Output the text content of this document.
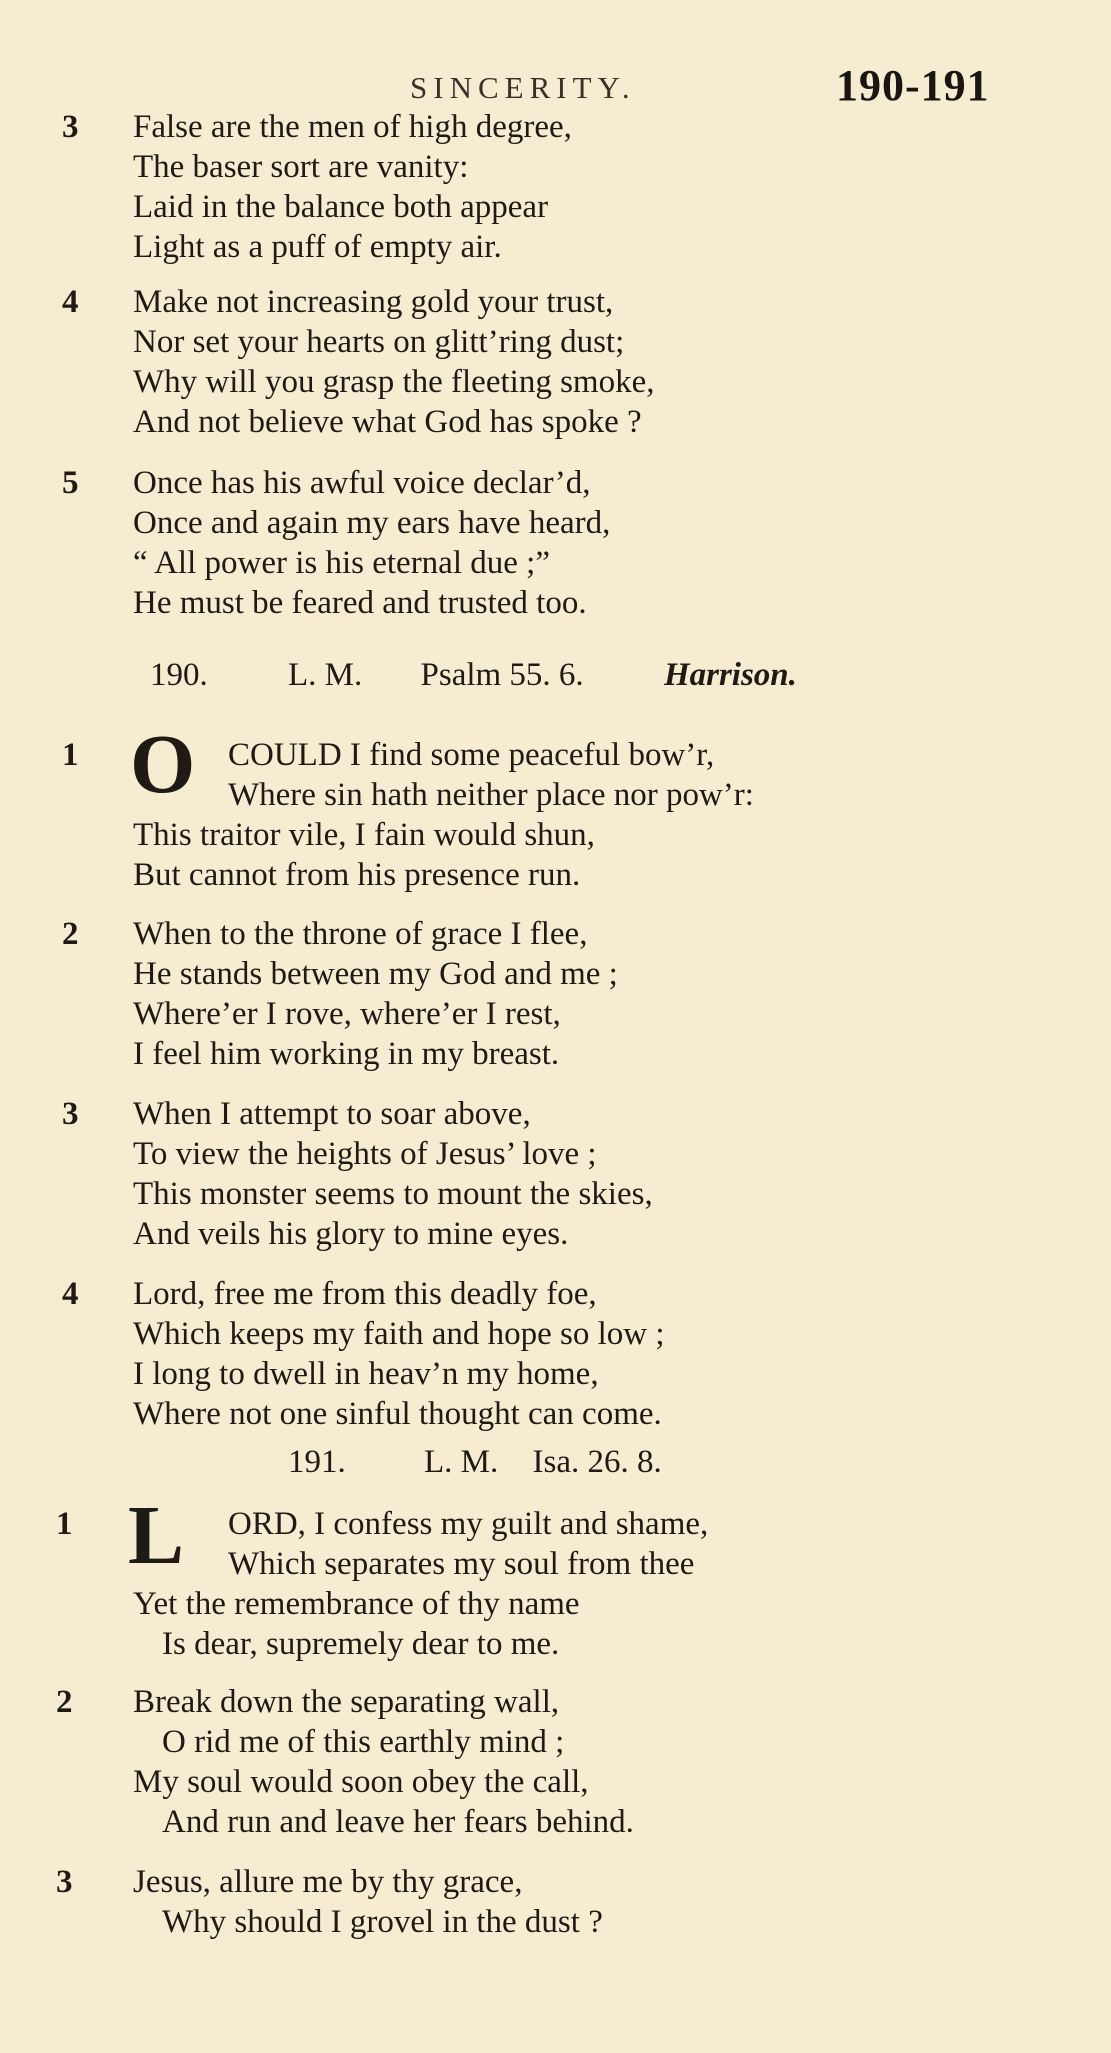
SINCERITY.	190-191
3 False are the men of high degree,
The baser sort are vanity:
Laid in the balance both appear
Light as a puff of empty air.
4 Make not increasing gold your trust,
Nor set your hearts on glitt’ring dust;
Why will you grasp the fleeting smoke,
And not believe what God has spoke ?
5 Once has his awful voice declar’d,
Once and again my ears have heard,
“ All power is his eternal due ;”
He must be feared and trusted too.
190. L. M. Psalm 55. 6. Harrison.
1 O COULD I find some peaceful bow’r,
Where sin hath neither place nor pow’r:
This traitor vile, I fain would shun,
But cannot from his presence run.
2 When to the throne of grace I flee,
He stands between my God and me ;
Where’er I rove, where’er I rest,
I feel him working in my breast.
3 When I attempt to soar above,
To view the heights of Jesus’ love ;
This monster seems to mount the skies,
And veils his glory to mine eyes.
4 Lord, free me from this deadly foe,
Which keeps my faith and hope so low ;
I long to dwell in heav’n my home,
Where not one sinful thought can come.
191. L. M. Isa. 26. 8.
1 L ORD, I confess my guilt and shame,
Which separates my soul from thee
Yet the remembrance of thy name
Is dear, supremely dear to me.
2 Break down the separating wall,
O rid me of this earthly mind ;
My soul would soon obey the call,
And run and leave her fears behind.
3 Jesus, allure me by thy grace,
Why should I grovel in the dust ?
